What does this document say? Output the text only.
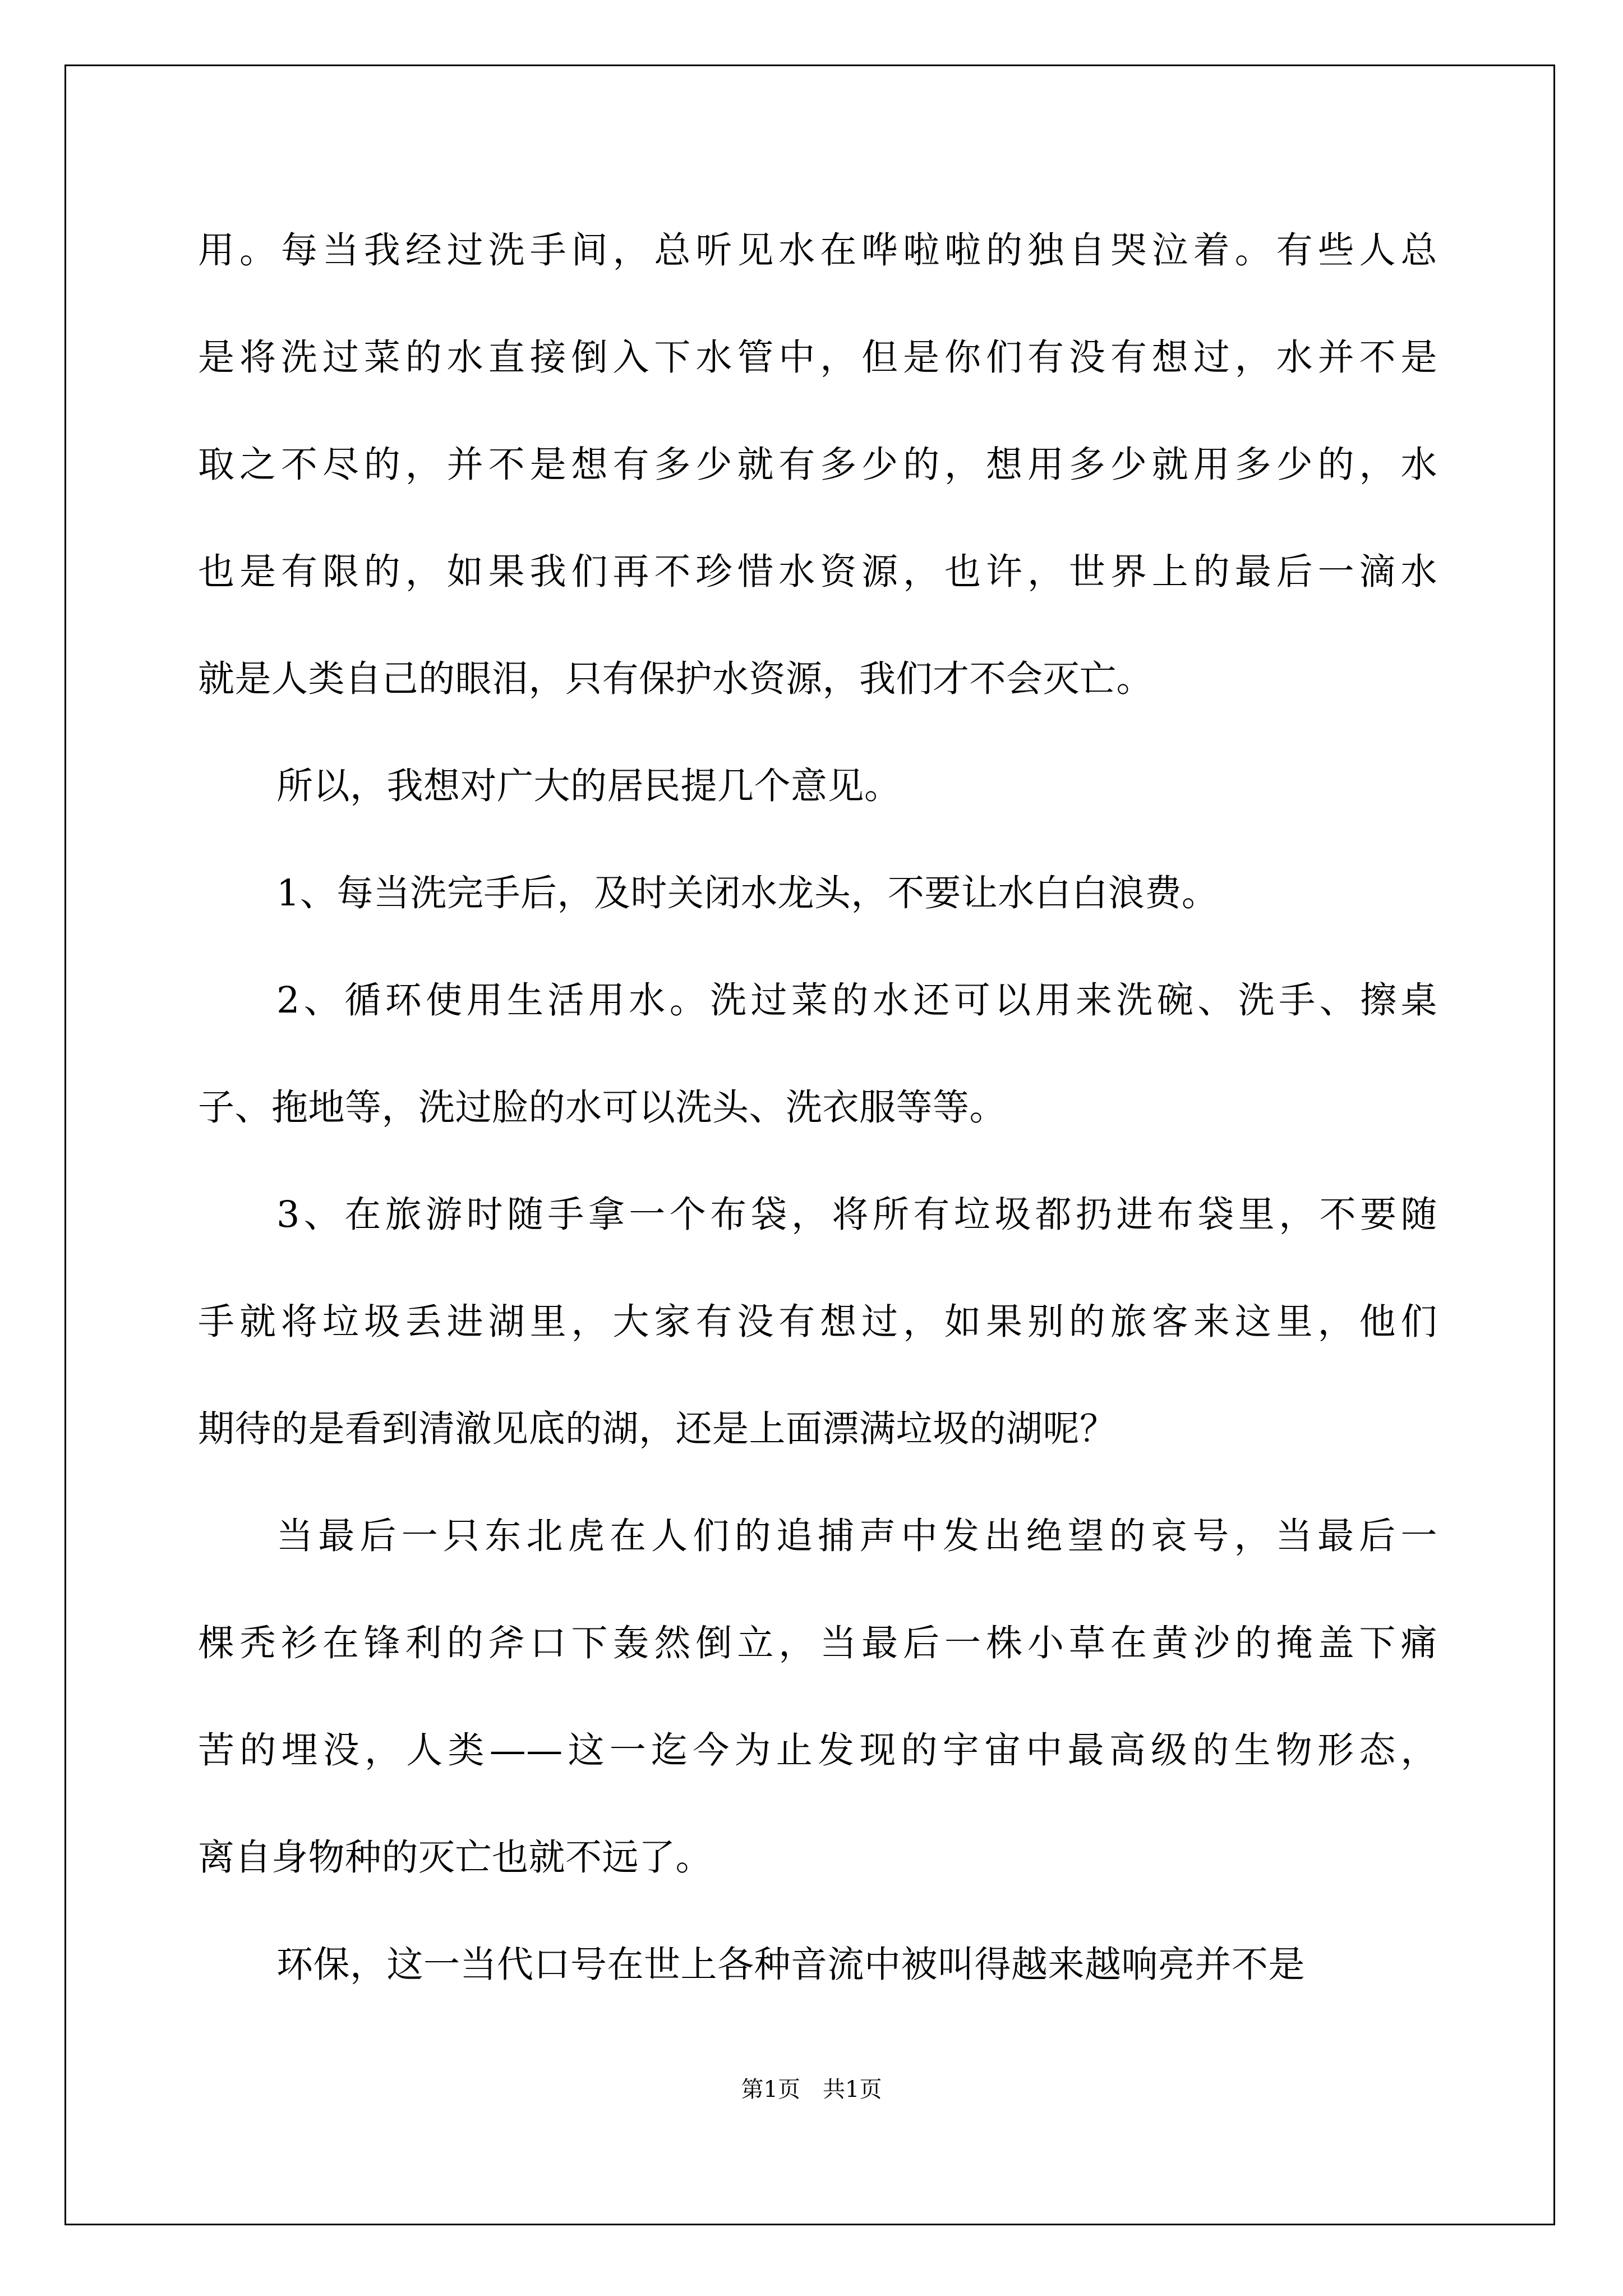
用。每当我经过洗手间，总听见水在哗啦啦的独自哭泣着。有些人总
是将洗过菜的水直接倒入下水管中，但是你们有没有想过，水并不是
取之不尽的，并不是想有多少就有多少的，想用多少就用多少的，水
也是有限的，如果我们再不珍惜水资源，也许，世界上的最后一滴水
就是人类自己的眼泪，只有保护水资源，我们才不会灭亡。
所以，我想对广大的居民提几个意见。
1、每当洗完手后，及时关闭水龙头，不要让水白白浪费。
2、循环使用生活用水。洗过菜的水还可以用来洗碗、洗手、擦桌
子、拖地等，洗过脸的水可以洗头、洗衣服等等。
3、在旅游时随手拿一个布袋，将所有垃圾都扔进布袋里，不要随
手就将垃圾丢进湖里，大家有没有想过，如果别的旅客来这里，他们
期待的是看到清澈见底的湖，还是上面漂满垃圾的湖呢？
当最后一只东北虎在人们的追捕声中发出绝望的哀号，当最后一
棵秃衫在锋利的斧口下轰然倒立，当最后一株小草在黄沙的掩盖下痛
苦的埋没，人类——这一迄今为止发现的宇宙中最高级的生物形态，
离自身物种的灭亡也就不远了。
环保，这一当代口号在世上各种音流中被叫得越来越响亮并不是
第1页　共1页
